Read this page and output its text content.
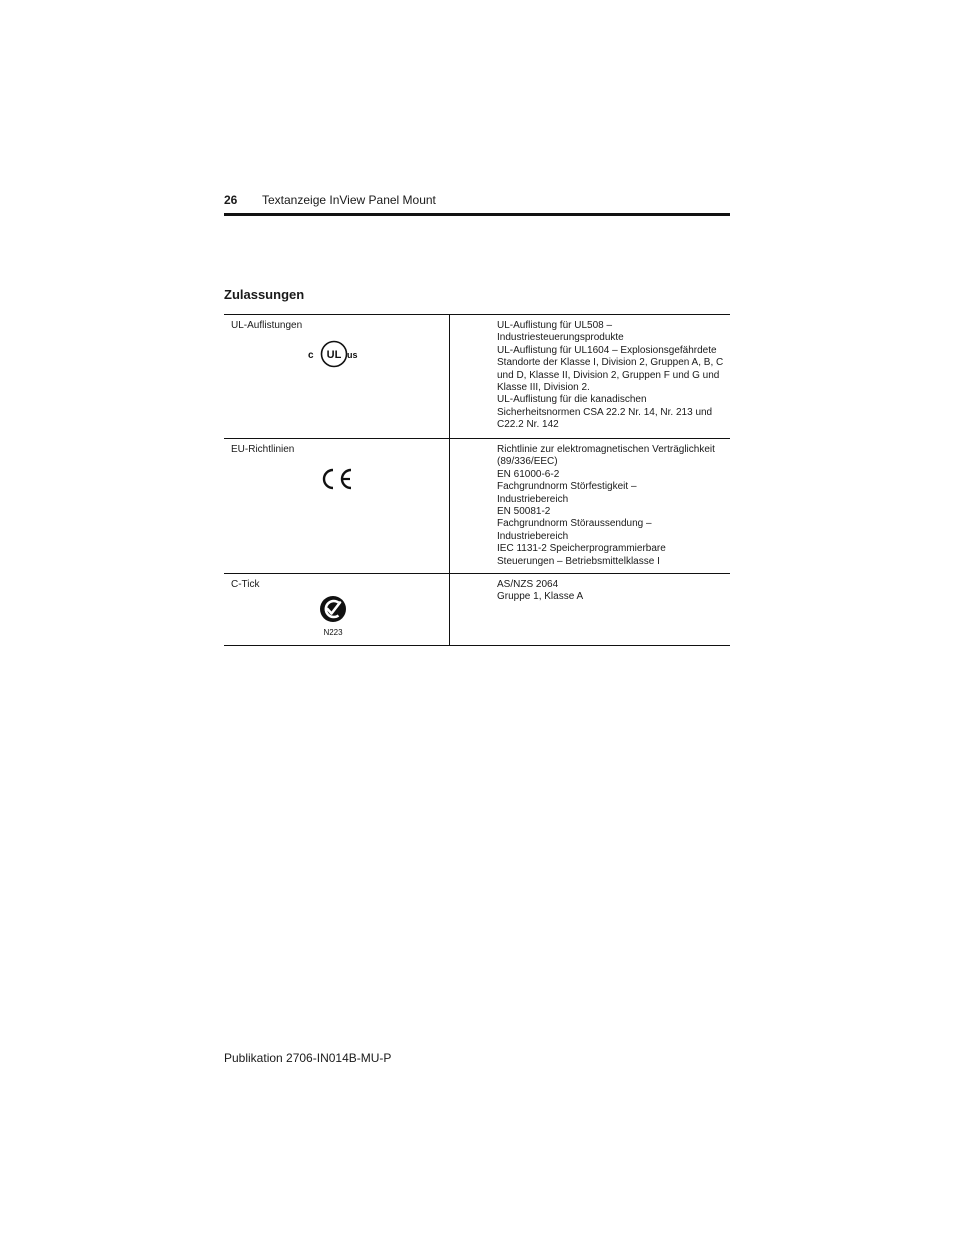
26 Textanzeige InView Panel Mount
Zulassungen
UL-Auflistungen
c UL us
UL-Auflistung für UL508 –
Industriesteuerungsprodukte
UL-Auflistung für UL1604 – Explosionsgefährdete
Standorte der Klasse I, Division 2, Gruppen A, B, C
und D, Klasse II, Division 2, Gruppen F und G und
Klasse III, Division 2.
UL-Auflistung für die kanadischen
Sicherheitsnormen CSA 22.2 Nr. 14, Nr. 213 und
C22.2 Nr. 142
EU-Richtlinien	Richtlinie zur elektromagnetischen Verträglichkeit
(89/336/EEC)
EN 61000-6-2
Fachgrundnorm Störfestigkeit –
Industriebereich
EN 50081-2
Fachgrundnorm Störaussendung –
Industriebereich
IEC 1131-2 Speicherprogrammierbare
Steuerungen – Betriebsmittelklasse I
C-Tick
N223
AS/NZS 2064
Gruppe 1, Klasse A
Publikation 2706-IN014B-MU-P
